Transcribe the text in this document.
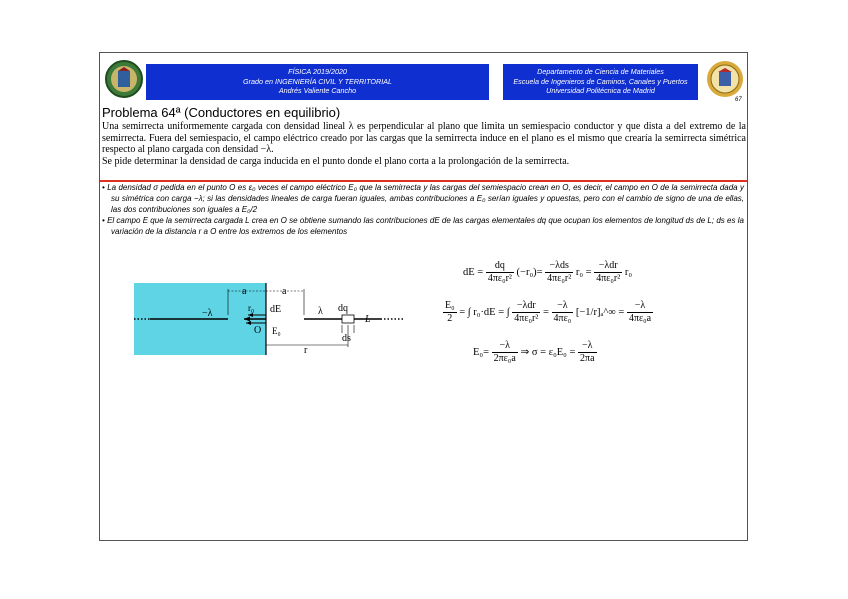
FÍSICA 2019/2020
Grado en INGENIERÍA CIVIL Y TERRITORIAL
Andrés Valiente Cancho
Departamento de Ciencia de Materiales
Escuela de Ingenieros de Caminos, Canales y Puertos
Universidad Politécnica de Madrid
67
Problema 64ª (Conductores en equilibrio)

Una semirrecta uniformemente cargada con densidad lineal λ es perpendicular al plano que limita un semiespacio conductor y que dista a del extremo de la semirrecta. Fuera del semiespacio, el campo eléctrico creado por las cargas que la semirrecta induce en el plano es el mismo que crearía la semirrecta simétrica respecto al plano cargada con densidad −λ.

Se pide determinar la densidad de carga inducida en el punto donde el plano corta a la prolongación de la semirrecta.

• La densidad σ pedida en el punto O es ε₀ veces el campo eléctrico E₀ que la semirrecta y las cargas del semiespacio crean en O, es decir, el campo en O de la semirrecta dada y su simétrica con carga −λ; si las densidades lineales de carga fueran iguales, ambas contribuciones a E₀ serían iguales y opuestas, pero con el cambio de signo de una de ellas, las dos contribuciones son iguales a E₀/2

• El campo E que la semirrecta cargada L crea en O se obtiene sumando las contribuciones dE de las cargas elementales dq que ocupan los elementos de longitud ds de L; ds es la variación de la distancia r a O entre los extremos de los elementos

−λ
a	a
r₀ dE
O E₀
λ dq
L
ds
r
dE = $\frac{dq}{\text{4πε₀r²}} (-r_0)= \frac{\text{−λds}}{\text{4πε₀r²}} r_0 = \frac{\text{−λdr}}{\text{4πε₀r²}} r_0$
$\frac{\text{E₀}}{2}$ = ∫ r₀·dE = ∫ $\frac{\text{−λdr}}{\text{4πε₀r²}} = \frac{-\lambda}{\text{4πε₀}}$ [−1/r]ₐ^∞ = $\frac{-\lambda}{\text{4πε₀a}}$
$E_0= \frac{-\lambda}{\text{2πε₀a}}$ ⇒ $\sigma = \varepsilon_0E_0 = \frac{-\lambda}{2\pi a}$
